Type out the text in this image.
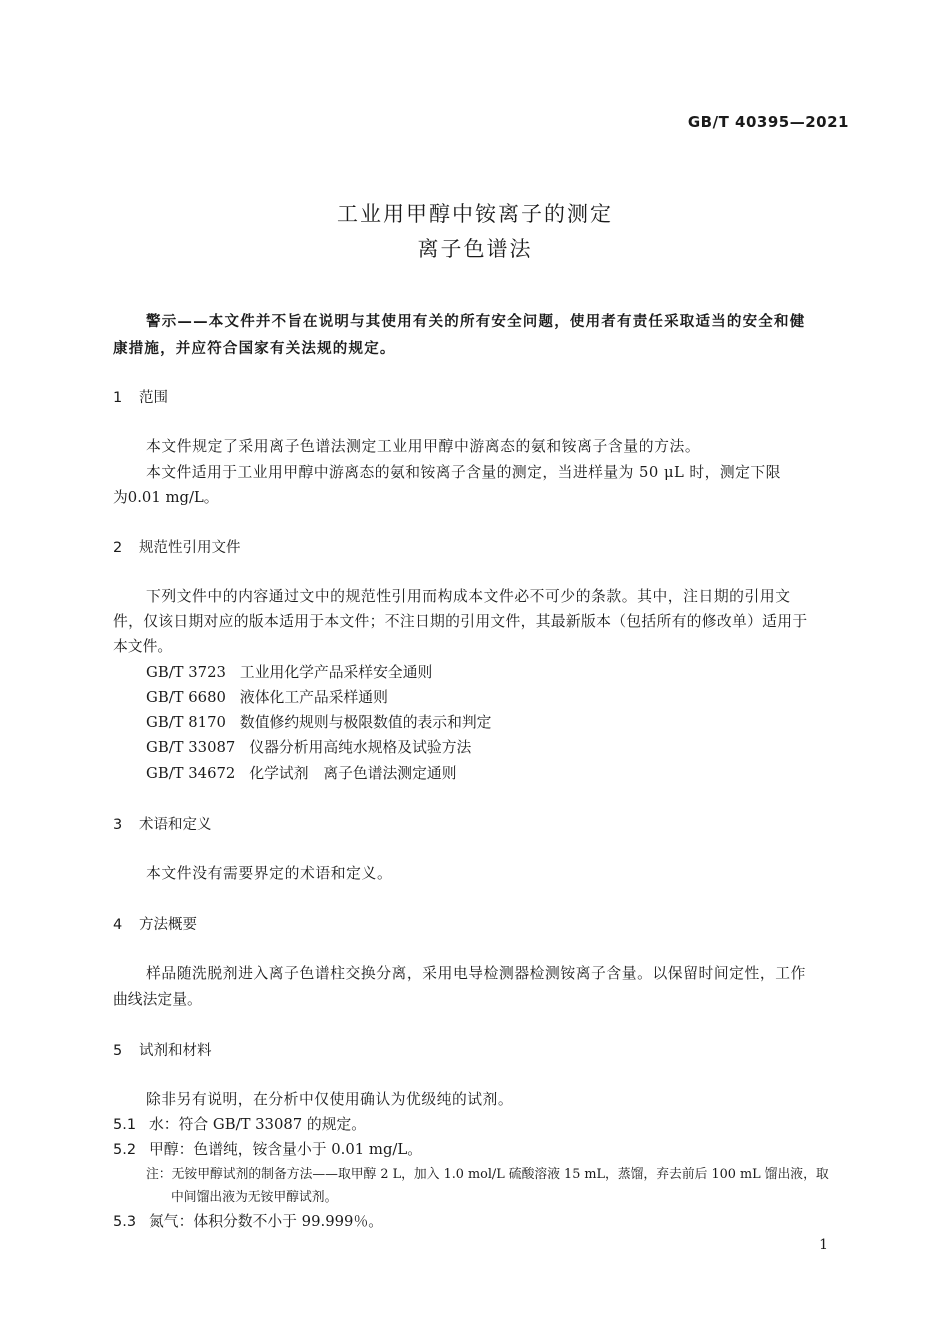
GB/T 40395—2021
工业用甲醇中铵离子的测定
离子色谱法
警示——本文件并不旨在说明与其使用有关的所有安全问题，使用者有责任采取适当的安全和健
康措施，并应符合国家有关法规的规定。
1 范围
本文件规定了采用离子色谱法测定工业用甲醇中游离态的氨和铵离子含量的方法。
本文件适用于工业用甲醇中游离态的氨和铵离子含量的测定，当进样量为 50 μL 时，测定下限
为0.01 mg/L。
2 规范性引用文件
下列文件中的内容通过文中的规范性引用而构成本文件必不可少的条款。其中，注日期的引用文
件，仅该日期对应的版本适用于本文件；不注日期的引用文件，其最新版本（包括所有的修改单）适用于
本文件。
GB/T 3723 工业用化学产品采样安全通则
GB/T 6680 液体化工产品采样通则
GB/T 8170 数值修约规则与极限数值的表示和判定
GB/T 33087 仪器分析用高纯水规格及试验方法
GB/T 34672 化学试剂　离子色谱法测定通则
3 术语和定义
本文件没有需要界定的术语和定义。
4 方法概要
样品随洗脱剂进入离子色谱柱交换分离，采用电导检测器检测铵离子含量。以保留时间定性，工作
曲线法定量。
5 试剂和材料
除非另有说明，在分析中仅使用确认为优级纯的试剂。
5.1 水：符合 GB/T 33087 的规定。
5.2 甲醇：色谱纯，铵含量小于 0.01 mg/L。
注：无铵甲醇试剂的制备方法——取甲醇 2 L，加入 1.0 mol/L 硫酸溶液 15 mL，蒸馏，弃去前后 100 mL 馏出液，取
中间馏出液为无铵甲醇试剂。
5.3 氮气：体积分数不小于 99.999％。
1
